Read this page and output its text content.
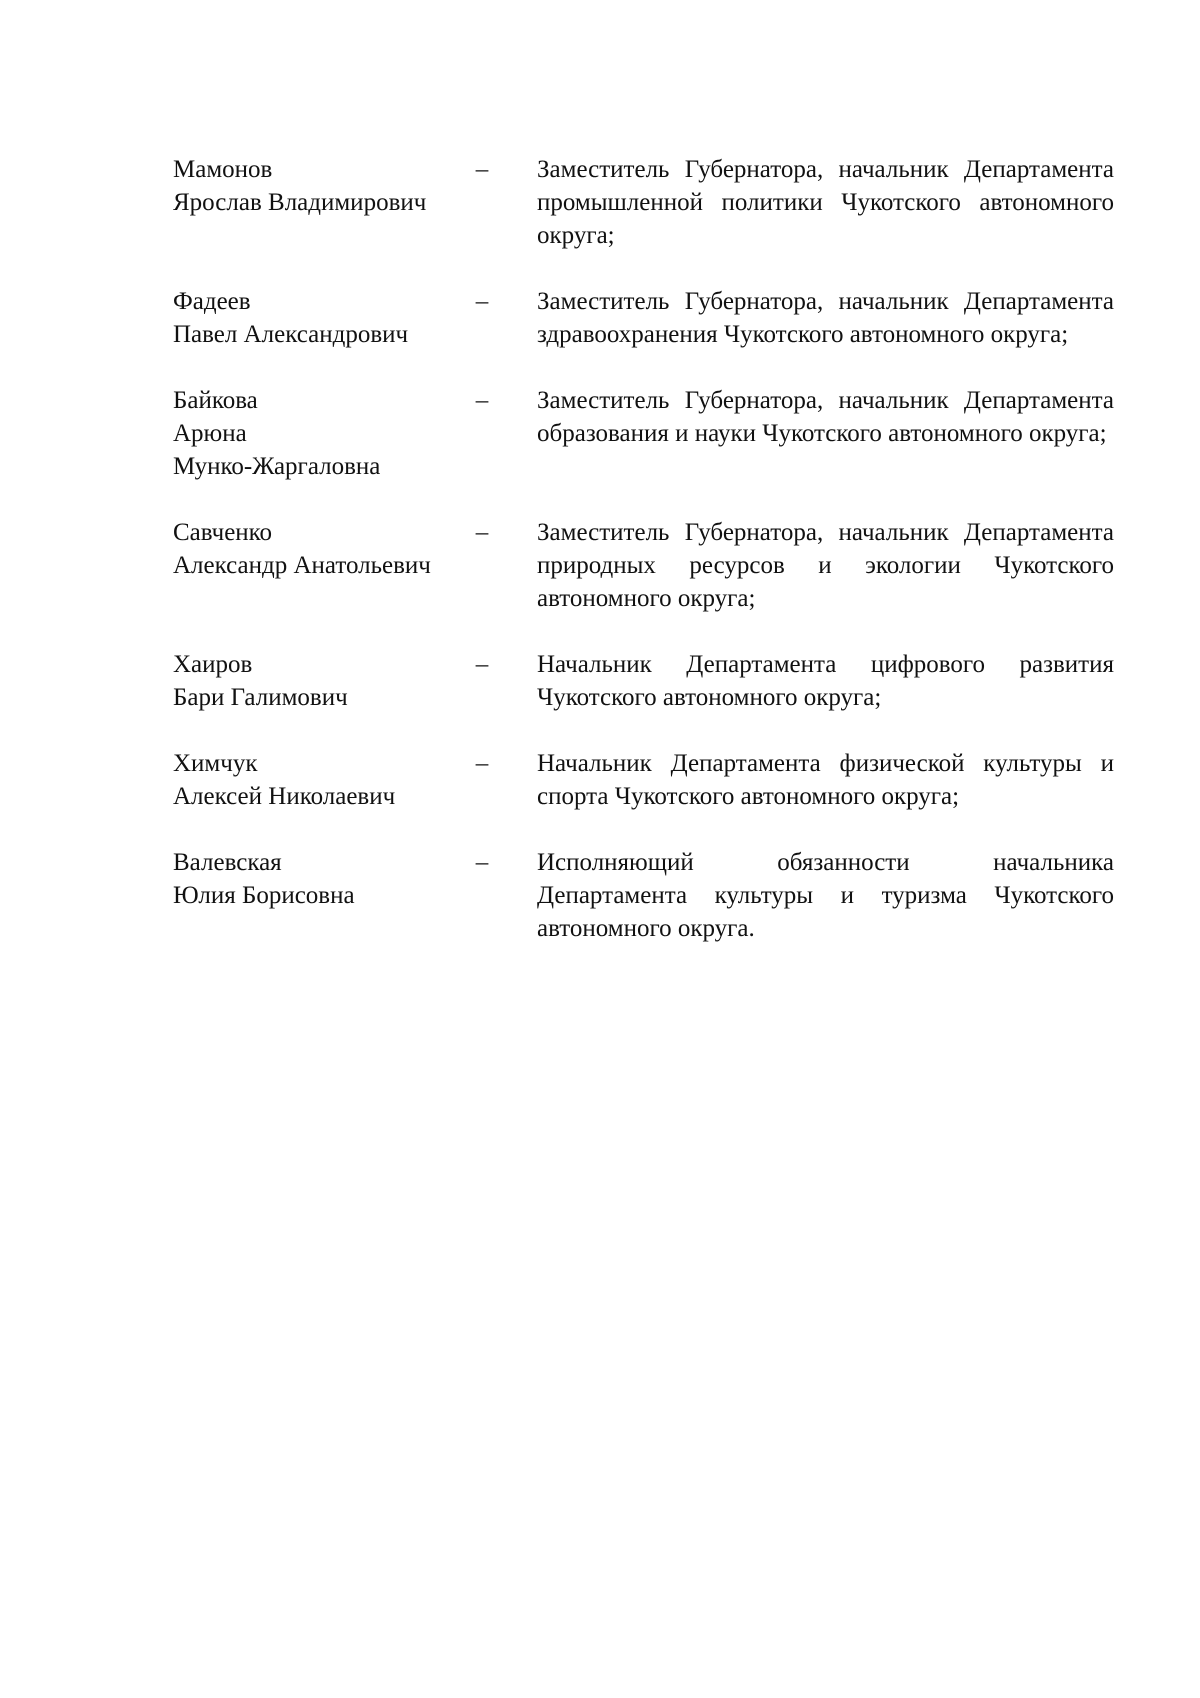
Мамонов
Ярослав Владимирович
–	Заместитель Губернатора, начальник Департамента промышленной политики Чукотского автономного округа;
Фадеев
Павел Александрович
–	Заместитель Губернатора, начальник Департамента здравоохранения Чукотского автономного округа;
Байкова
Арюна
Мунко-Жаргаловна
–	Заместитель Губернатора, начальник Департамента образования и науки Чукотского автономного округа;
Савченко
Александр Анатольевич
–	Заместитель Губернатора, начальник Департамента природных ресурсов и экологии Чукотского автономного округа;
Хаиров
Бари Галимович
–	Начальник Департамента цифрового развития Чукотского автономного округа;
Химчук
Алексей Николаевич
–	Начальник Департамента физической культуры и спорта Чукотского автономного округа;
Валевская
Юлия Борисовна
–	Исполняющий обязанности начальника Департамента культуры и туризма Чукотского автономного округа.
